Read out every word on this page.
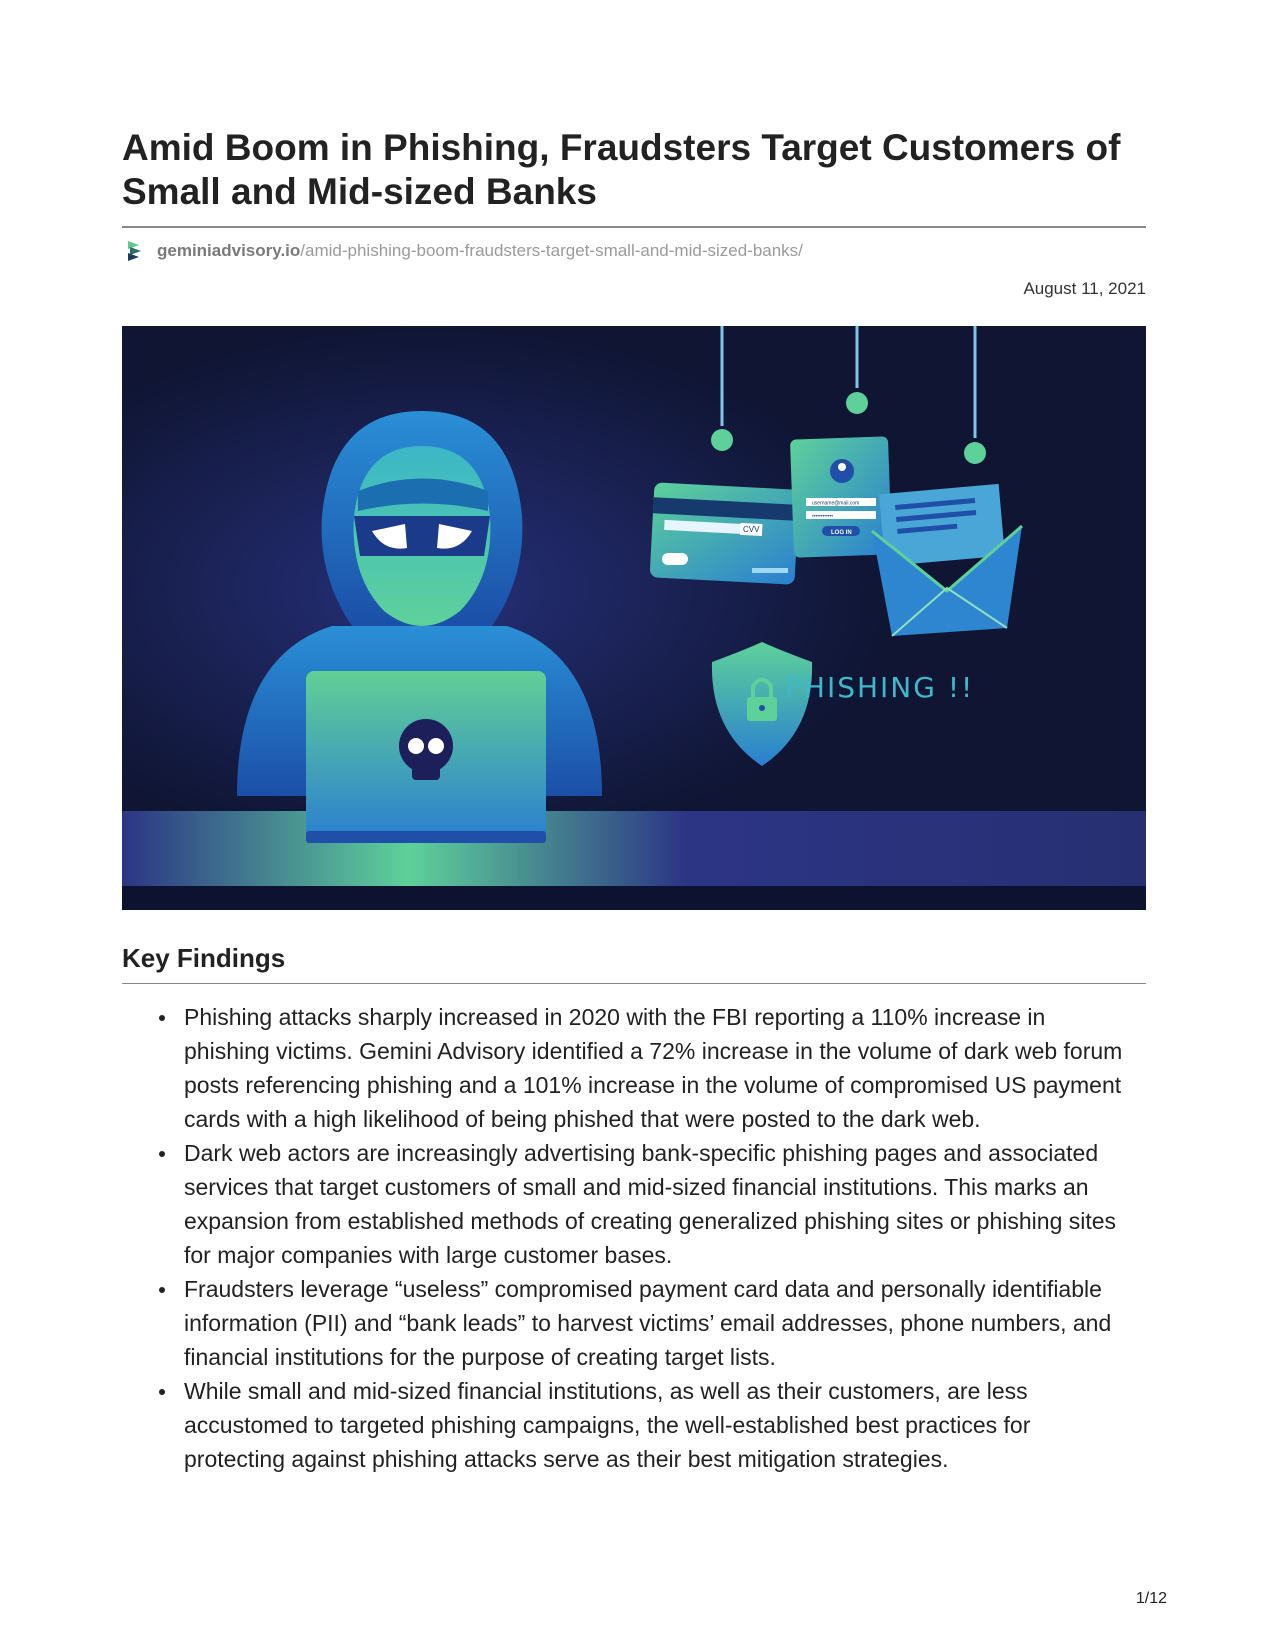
Amid Boom in Phishing, Fraudsters Target Customers of Small and Mid-sized Banks
geminiadvisory.io /amid-phishing-boom-fraudsters-target-small-and-mid-sized-banks/
August 11, 2021
CVV
username@mail.com
••••••••••••
LOG IN
PHISHING !!
Key Findings
Phishing attacks sharply increased in 2020 with the FBI reporting a 110% increase in phishing victims. Gemini Advisory identified a 72% increase in the volume of dark web forum posts referencing phishing and a 101% increase in the volume of compromised US payment cards with a high likelihood of being phished that were posted to the dark web.
Dark web actors are increasingly advertising bank-specific phishing pages and associated services that target customers of small and mid-sized financial institutions. This marks an expansion from established methods of creating generalized phishing sites or phishing sites for major companies with large customer bases.
Fraudsters leverage “useless” compromised payment card data and personally identifiable information (PII) and “bank leads” to harvest victims’ email addresses, phone numbers, and financial institutions for the purpose of creating target lists.
While small and mid-sized financial institutions, as well as their customers, are less accustomed to targeted phishing campaigns, the well-established best practices for protecting against phishing attacks serve as their best mitigation strategies.
1/12
